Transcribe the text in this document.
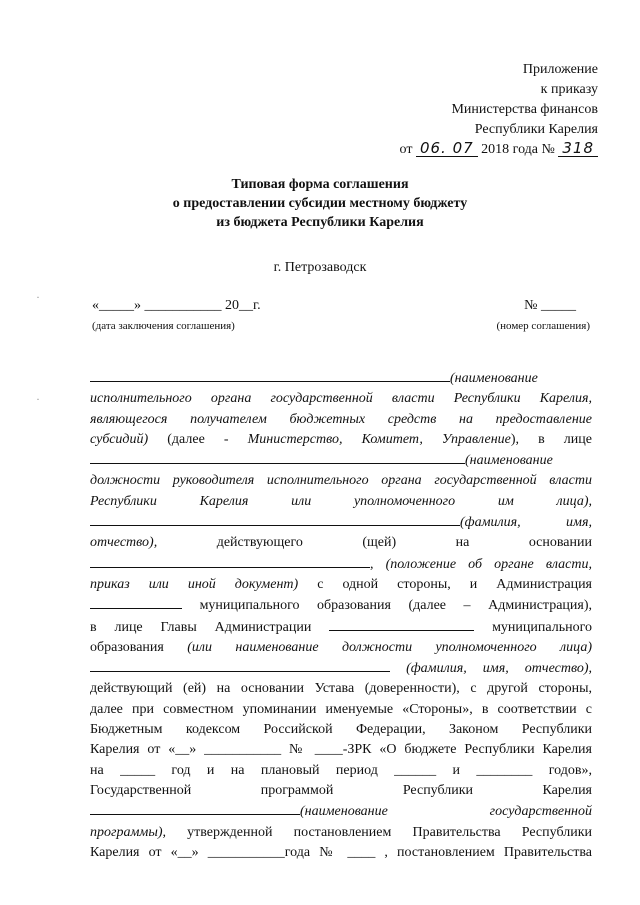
Приложение
к приказу
Министерства финансов
Республики Карелия
от 06. 07 2018 года № 318
Типовая форма соглашения
о предоставлении субсидии местному бюджету
из бюджета Республики Карелия
г. Петрозаводск
«_____» ___________ 20__г.
(дата заключения соглашения)
№ _____
(номер соглашения)
·
·
(наименование
исполнительного органа государственной власти Республики Карелия,
являющегося получателем бюджетных средств на предоставление
субсидий) (далее - Министерство, Комитет, Управление), в лице
(наименование
должности руководителя исполнительного органа государственной власти
Республики Карелия или уполномоченного им лица),
(фамилия, имя,
отчество), действующего (щей) на основании
, (положение об органе власти,
приказ или иной документ) с одной стороны, и Администрация
муниципального образования (далее – Администрация),
в лице Главы Администрации	муниципального
образования (или наименование должности уполномоченного лица)
(фамилия, имя, отчество),
действующий (ей) на основании Устава (доверенности), с другой стороны,
далее при совместном упоминании именуемые «Стороны», в соответствии с
Бюджетным кодексом Российской Федерации, Законом Республики
Карелия от «__» ___________ № ____-ЗРК «О бюджете Республики Карелия
на _____ год и на плановый период ______ и ________ годов»,
Государственной программой Республики Карелия
(наименование государственной
программы), утвержденной постановлением Правительства Республики
Карелия от «__» ___________года № ____ , постановлением Правительства
